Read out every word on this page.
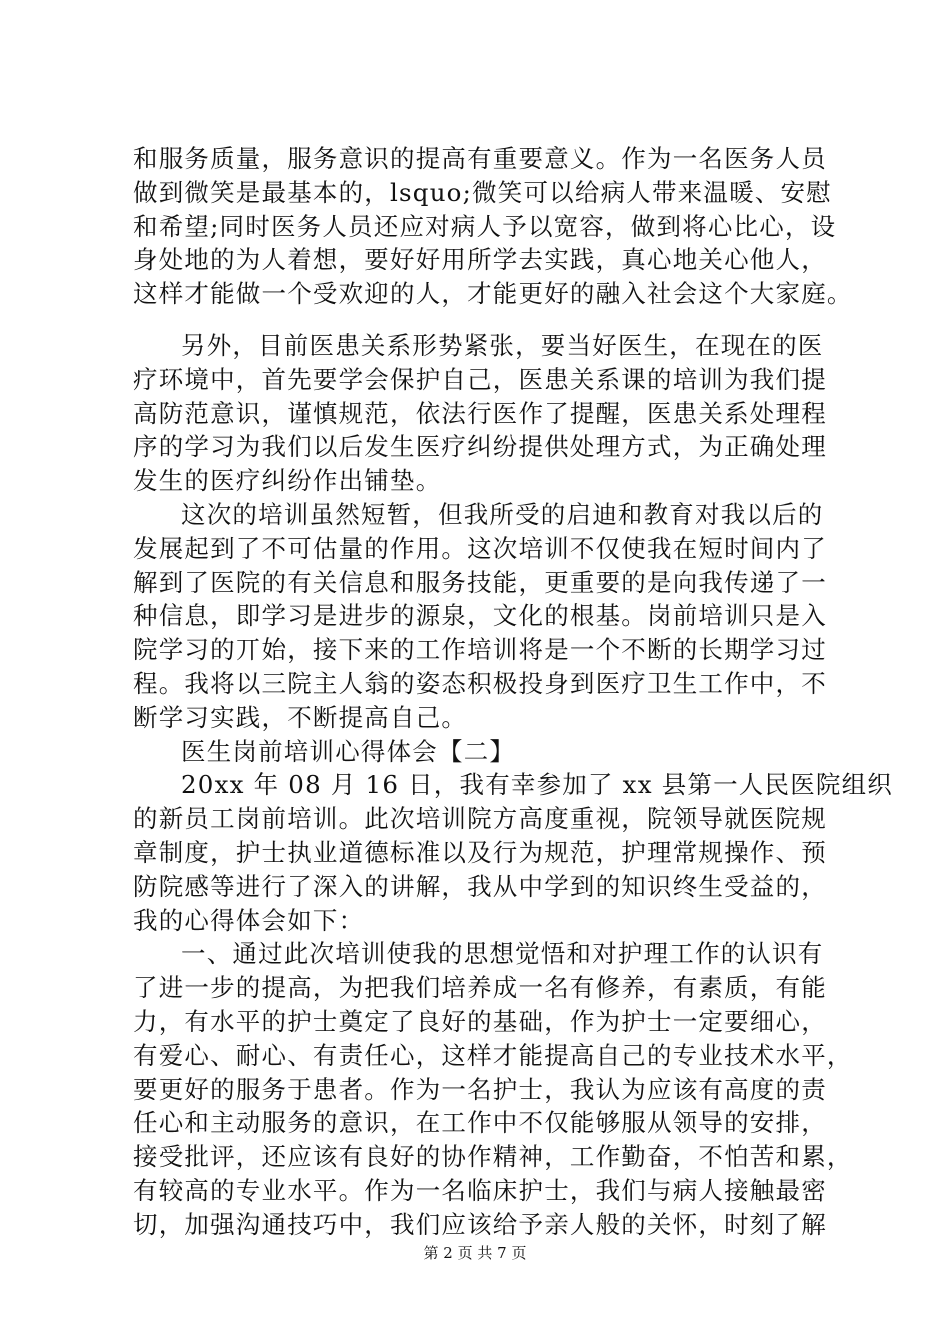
和服务质量，服务意识的提高有重要意义。作为一名医务人员
做到微笑是最基本的，lsquo;微笑可以给病人带来温暖、安慰
和希望;同时医务人员还应对病人予以宽容，做到将心比心，设
身处地的为人着想，要好好用所学去实践，真心地关心他人，
这样才能做一个受欢迎的人，才能更好的融入社会这个大家庭。
另外，目前医患关系形势紧张，要当好医生，在现在的医
疗环境中，首先要学会保护自己，医患关系课的培训为我们提
高防范意识，谨慎规范，依法行医作了提醒，医患关系处理程
序的学习为我们以后发生医疗纠纷提供处理方式，为正确处理
发生的医疗纠纷作出铺垫。
这次的培训虽然短暂，但我所受的启迪和教育对我以后的
发展起到了不可估量的作用。这次培训不仅使我在短时间内了
解到了医院的有关信息和服务技能，更重要的是向我传递了一
种信息，即学习是进步的源泉，文化的根基。岗前培训只是入
院学习的丌始，接下来的工作培训将是一个不断的长期学习过
程。我将以三院主人翁的姿态积极投身到医疗卫生工作中，不
断学习实践，不断提高自己。
医生岗前培训心得体会【二】
20xx 年 08 月 16 日，我有幸参加了 xx 县第一人民医院组织
的新员工岗前培训。此次培训院方高度重视，院领导就医院规
章制度，护士执业道德标准以及行为规范，护理常规操作、预
防院感等进行了深入的讲解，我从中学到的知识终生受益的，
我的心得体会如下：
一、通过此次培训使我的思想觉悟和对护理工作的认识有
了进一步的提高，为把我们培养成一名有修养，有素质，有能
力，有水平的护士奠定了良好的基础，作为护士一定要细心，
有爱心、耐心、有责任心，这样才能提高自己的专业技术水平，
要更好的服务于患者。作为一名护士，我认为应该有高度的责
任心和主动服务的意识，在工作中不仅能够服从领导的安排，
接受批评，还应该有良好的协作精神，工作勤奋，不怕苦和累，
有较高的专业水平。作为一名临床护士，我们与病人接触最密
切，加强沟通技巧中，我们应该给予亲人般的关怀，时刻了解
第 2 页 共 7 页
